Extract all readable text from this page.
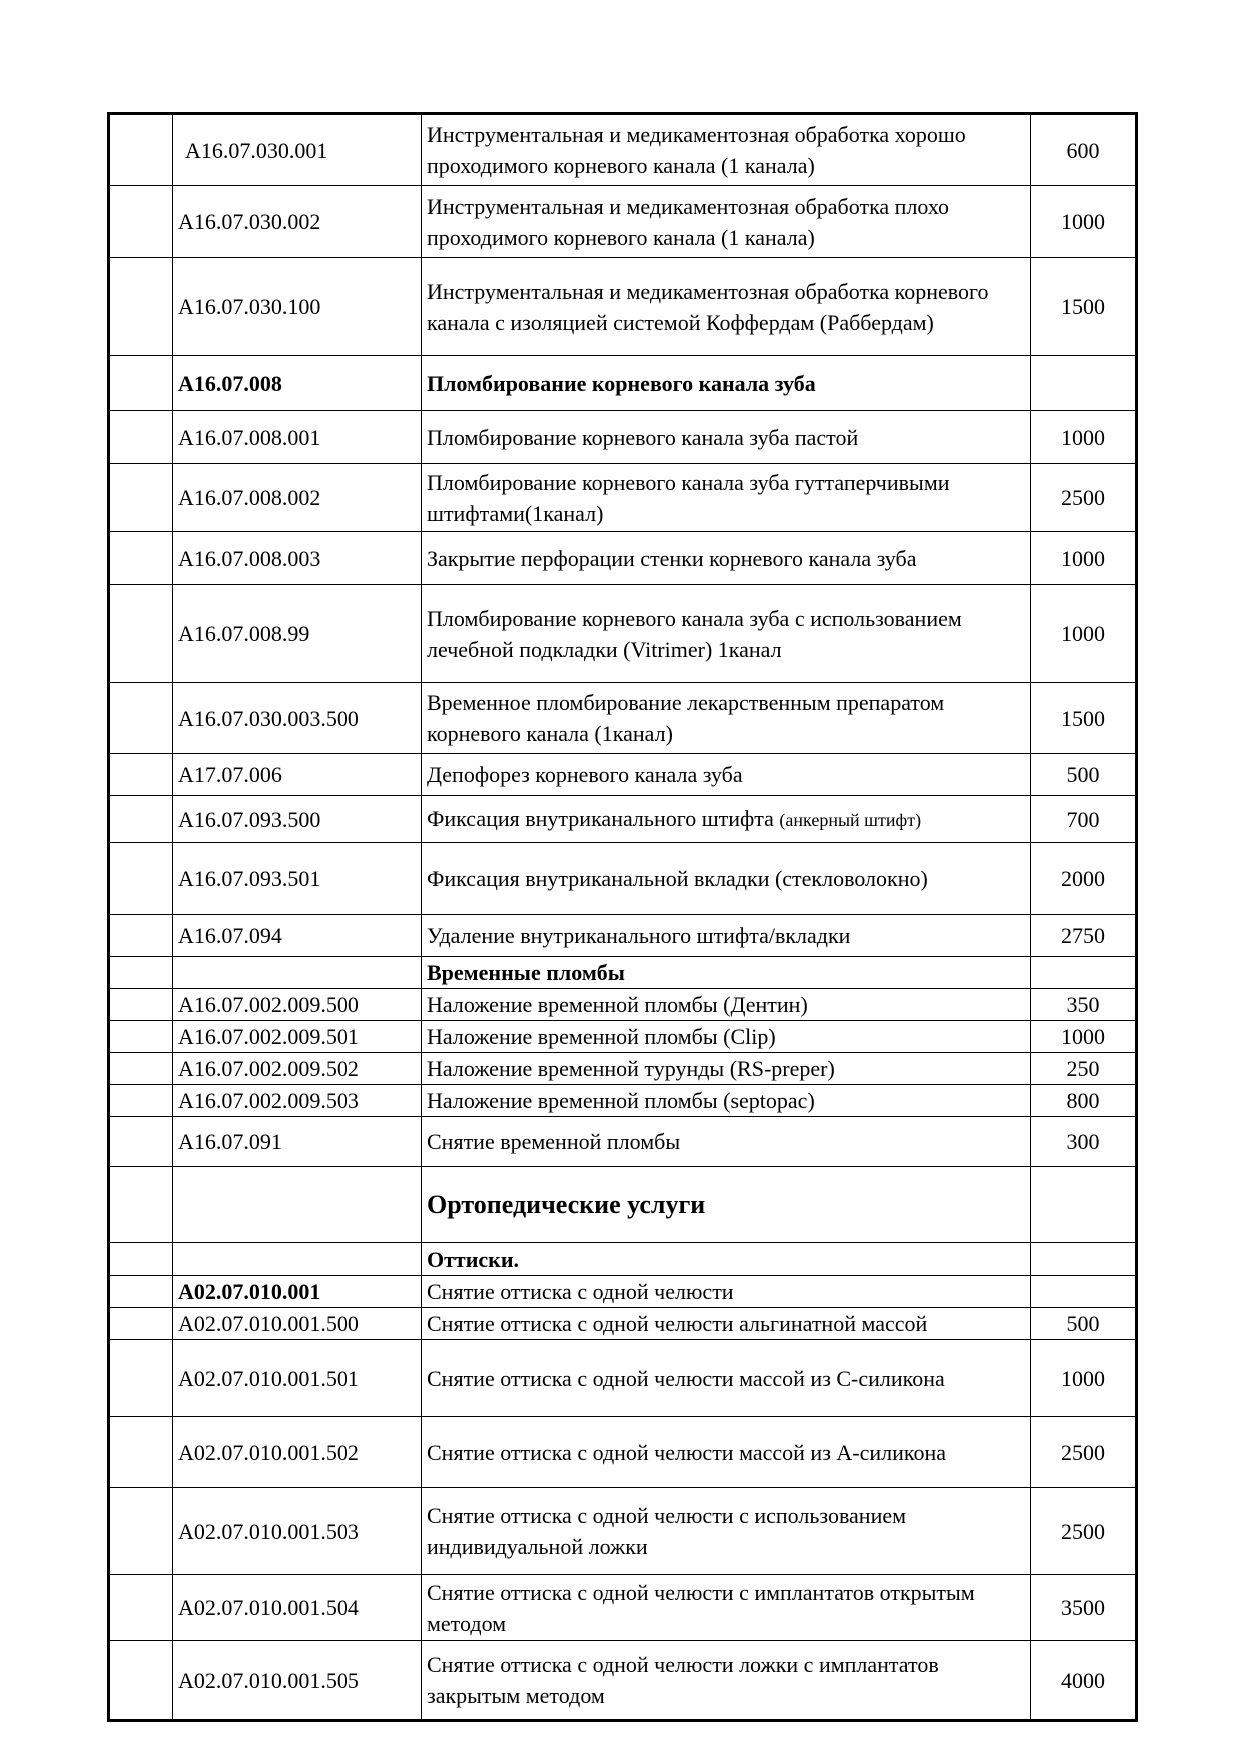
	A16.07.030.001	Инструментальная и медикаментозная обработка хорошо проходимого корневого канала (1 канала)	600
	A16.07.030.002	Инструментальная и медикаментозная обработка плохо проходимого корневого канала (1 канала)	1000
	A16.07.030.100	Инструментальная и медикаментозная обработка корневого канала с изоляцией системой Коффердам (Раббердам)	1500
	A16.07.008	Пломбирование корневого канала зуба	
	A16.07.008.001	Пломбирование корневого канала зуба пастой	1000
	A16.07.008.002	Пломбирование корневого канала зуба гуттаперчивыми штифтами(1канал)	2500
	A16.07.008.003	Закрытие перфорации стенки корневого канала зуба	1000
	A16.07.008.99	Пломбирование корневого канала зуба с использованием лечебной подкладки (Vitrimer) 1канал	1000
	A16.07.030.003.500	Временное пломбирование лекарственным препаратом корневого канала (1канал)	1500
	A17.07.006	Депофорез корневого канала зуба	500
	A16.07.093.500	Фиксация внутриканального штифта (анкерный штифт)	700
	A16.07.093.501	Фиксация внутриканальной вкладки (стекловолокно)	2000
	A16.07.094	Удаление внутриканального штифта/вкладки	2750
		Временные пломбы	
	A16.07.002.009.500	Наложение временной пломбы (Дентин)	350
	A16.07.002.009.501	Наложение временной пломбы (Clip)	1000
	A16.07.002.009.502	Наложение временной турунды (RS-preper)	250
	A16.07.002.009.503	Наложение временной пломбы (septopac)	800
	A16.07.091	Снятие временной пломбы	300
		Ортопедические услуги	
		Оттиски.	
	A02.07.010.001	Снятие оттиска с одной челюсти	
	A02.07.010.001.500	Снятие оттиска с одной челюсти альгинатной массой	500
	A02.07.010.001.501	Снятие оттиска с одной челюсти массой из С-силикона	1000
	A02.07.010.001.502	Снятие оттиска с одной челюсти массой из А-силикона	2500
	A02.07.010.001.503	Снятие оттиска с одной челюсти с использованием индивидуальной ложки	2500
	A02.07.010.001.504	Снятие оттиска с одной челюсти с имплантатов открытым методом	3500
	A02.07.010.001.505	Снятие оттиска с одной челюсти ложки с имплантатов закрытым методом	4000
